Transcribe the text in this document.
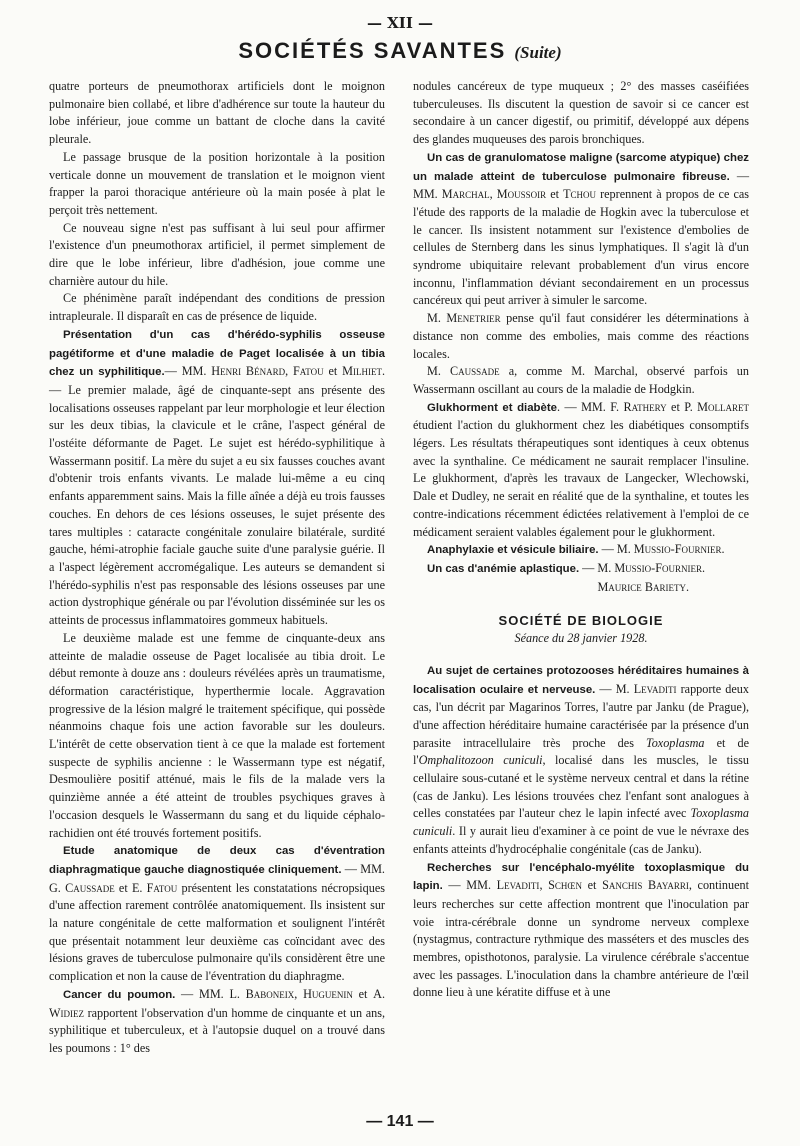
— XII —
SOCIÉTÉS SAVANTES (Suite)

quatre porteurs de pneumothorax artificiels dont le moignon pulmonaire bien collabé, et libre d'adhérence sur toute la hauteur du lobe inférieur, joue comme un battant de cloche dans la cavité pleurale.

Le passage brusque de la position horizontale à la position verticale donne un mouvement de translation et le moignon vient frapper la paroi thoracique antérieure où la main posée à plat le perçoit très nettement.

Ce nouveau signe n'est pas suffisant à lui seul pour affirmer l'existence d'un pneumothorax artificiel, il permet simplement de dire que le lobe inférieur, libre d'adhésion, joue comme une charnière autour du hile.

Ce phénimène paraît indépendant des conditions de pression intrapleurale. Il disparaît en cas de présence de liquide.

Présentation d'un cas d'hérédo-syphilis osseuse pagétiforme et d'une maladie de Paget localisée à un tibia chez un syphilitique.— MM. Henri Bénard, Fatou et Milhiet. — Le premier malade, âgé de cinquante-sept ans présente des localisations osseuses rappelant par leur morphologie et leur élection sur les deux tibias, la clavicule et le crâne, l'aspect général de l'ostéite déformante de Paget. Le sujet est hérédo-syphilitique à Wassermann positif. La mère du sujet a eu six fausses couches avant d'obtenir trois enfants vivants. Le malade lui-même a eu cinq enfants apparemment sains. Mais la fille aînée a déjà eu trois fausses couches. En dehors de ces lésions osseuses, le sujet présente des tares multiples : cataracte congénitale zonulaire bilatérale, surdité gauche, hémi-atrophie faciale gauche suite d'une paralysie guérie. Il a l'aspect légèrement accromégalique. Les auteurs se demandent si l'hérédo-syphilis n'est pas responsable des lésions osseuses par une action dystrophique générale ou par l'évolution disséminée sur les os atteints de processus inflammatoires gommeux habituels.

Le deuxième malade est une femme de cinquante-deux ans atteinte de maladie osseuse de Paget localisée au tibia droit. Le début remonte à douze ans : douleurs révélées après un traumatisme, déformation caractéristique, hyperthermie locale. Aggravation progressive de la lésion malgré le traitement spécifique, qui possède néanmoins chaque fois une action favorable sur les douleurs. L'intérêt de cette observation tient à ce que la malade est fortement suspecte de syphilis ancienne : le Wassermann type est négatif, Desmoulière positif atténué, mais le fils de la malade vers la quinzième année a été atteint de troubles psychiques graves à l'occasion desquels le Wassermann du sang et du liquide céphalo-rachidien ont été trouvés fortement positifs.

Etude anatomique de deux cas d'éventration diaphragmatique gauche diagnostiquée cliniquement. — MM. G. Caussade et E. Fatou présentent les constatations nécropsiques d'une affection rarement contrôlée anatomiquement. Ils insistent sur la nature congénitale de cette malformation et soulignent l'intérêt que présentait notamment leur deuxième cas coïncidant avec des lésions graves de tuberculose pulmonaire qu'ils considèrent être une complication et non la cause de l'éventration du diaphragme.

Cancer du poumon. — MM. L. Baboneix, Huguenin et A. Widiez rapportent l'observation d'un homme de cinquante et un ans, syphilitique et tuberculeux, et à l'autopsie duquel on a trouvé dans les poumons : 1° des

nodules cancéreux de type muqueux ; 2° des masses caséifiées tuberculeuses. Ils discutent la question de savoir si ce cancer est secondaire à un cancer digestif, ou primitif, développé aux dépens des glandes muqueuses des parois bronchiques.

Un cas de granulomatose maligne (sarcome atypique) chez un malade atteint de tuberculose pulmonaire fibreuse. — MM. Marchal, Moussoir et Tchou reprennent à propos de ce cas l'étude des rapports de la maladie de Hogkin avec la tuberculose et le cancer. Ils insistent notamment sur l'existence d'embolies de cellules de Sternberg dans les sinus lymphatiques. Il s'agit là d'un syndrome ubiquitaire relevant probablement d'un virus encore inconnu, l'inflammation déviant secondairement en un processus cancéreux qui peut arriver à simuler le sarcome.

M. Menetrier pense qu'il faut considérer les déterminations à distance non comme des embolies, mais comme des réactions locales.

M. Caussade a, comme M. Marchal, observé parfois un Wassermann oscillant au cours de la maladie de Hodgkin.

Glukhorment et diabète. — MM. F. Rathery et P. Mollaret étudient l'action du glukhorment chez les diabétiques consomptifs légers. Les résultats thérapeutiques sont identiques à ceux obtenus avec la synthaline. Ce médicament ne saurait remplacer l'insuline. Le glukhorment, d'après les travaux de Langecker, Wlechowski, Dale et Dudley, ne serait en réalité que de la synthaline, et toutes les contre-indications récemment édictées relativement à l'emploi de ce médicament seraient valables également pour le glukhorment.

Anaphylaxie et vésicule biliaire. — M. Mussio-Fournier.

Un cas d'anémie aplastique. — M. Mussio-Fournier.

Maurice Bariety.

SOCIÉTÉ DE BIOLOGIE
Séance du 28 janvier 1928.

Au sujet de certaines protozooses héréditaires humaines à localisation oculaire et nerveuse. — M. Levaditi rapporte deux cas, l'un décrit par Magarinos Torres, l'autre par Janku (de Prague), d'une affection héréditaire humaine caractérisée par la présence d'un parasite intracellulaire très proche des Toxoplasma et de l'Omphalitozoon cuniculi, localisé dans les muscles, le tissu cellulaire sous-cutané et le système nerveux central et dans la rétine (cas de Janku). Les lésions trouvées chez l'enfant sont analogues à celles constatées par l'auteur chez le lapin infecté avec Toxoplasma cuniculi. Il y aurait lieu d'examiner à ce point de vue le névraxe des enfants atteints d'hydrocéphalie congénitale (cas de Janku).

Recherches sur l'encéphalo-myélite toxoplasmique du lapin. — MM. Levaditi, Schœn et Sanchis Bayarri, continuent leurs recherches sur cette affection montrent que l'inoculation par voie intra-cérébrale donne un syndrome nerveux complexe (nystagmus, contracture rythmique des masséters et des muscles des membres, opisthotonos, paralysie. La virulence cérébrale s'accentue avec les passages. L'inoculation dans la chambre antérieure de l'œil donne lieu à une kératite diffuse et à une

— 141 —
